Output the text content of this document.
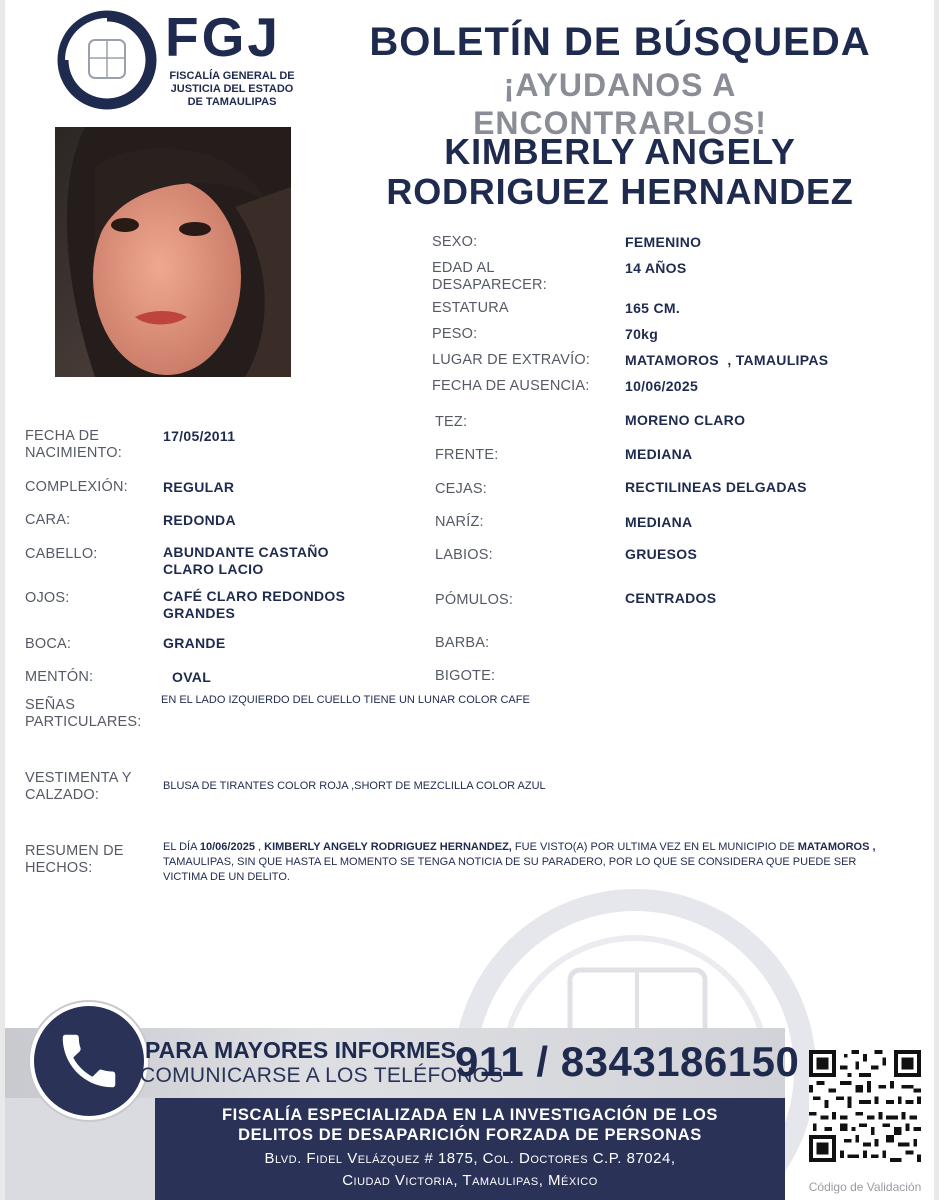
FGJ
FISCALÍA GENERAL DE
JUSTICIA DEL ESTADO
DE TAMAULIPAS
BOLETÍN DE BÚSQUEDA
¡AYUDANOS A ENCONTRARLOS!
KIMBERLY ANGELY
RODRIGUEZ HERNANDEZ
SEXO:	FEMENINO
EDAD AL
DESAPARECER:
14 AÑOS
ESTATURA	165 CM.
PESO:	70kg
LUGAR DE EXTRAVÍO: MATAMOROS  , TAMAULIPAS
FECHA DE AUSENCIA:	10/06/2025
FECHA DE
NACIMIENTO:
17/05/2011
COMPLEXIÓN:	REGULAR
CARA:	REDONDA
CABELLO:	ABUNDANTE CASTAÑO
CLARO LACIO
OJOS:	CAFÉ CLARO REDONDOS
GRANDES
BOCA:	GRANDE
MENTÓN:	OVAL
TEZ:	MORENO CLARO
FRENTE:	MEDIANA
CEJAS:	RECTILINEAS DELGADAS
NARÍZ:	MEDIANA
LABIOS:	GRUESOS
PÓMULOS:	CENTRADOS
BARBA:
BIGOTE:
SEÑAS
PARTICULARES:
EN EL LADO IZQUIERDO DEL CUELLO TIENE UN LUNAR COLOR CAFE
VESTIMENTA Y
CALZADO:
BLUSA DE TIRANTES COLOR ROJA ,SHORT DE MEZCLILLA COLOR AZUL
RESUMEN DE
HECHOS:
EL DÍA 10/06/2025 , KIMBERLY ANGELY RODRIGUEZ HERNANDEZ, FUE VISTO(A) POR ULTIMA VEZ EN EL MUNICIPIO DE MATAMOROS , TAMAULIPAS, SIN QUE HASTA EL MOMENTO SE TENGA NOTICIA DE SU PARADERO, POR LO QUE SE CONSIDERA QUE PUEDE SER VICTIMA DE UN DELITO.
PARA MAYORES INFORMES,
COMUNICARSE A LOS TELÉFONOS
911 / 8343186150
FISCALÍA ESPECIALIZADA EN LA INVESTIGACIÓN DE LOS
DELITOS DE DESAPARICIÓN FORZADA DE PERSONAS
Blvd. Fidel Velázquez # 1875, Col. Doctores C.P. 87024,
Ciudad Victoria, Tamaulipas, México	Código de Validación
